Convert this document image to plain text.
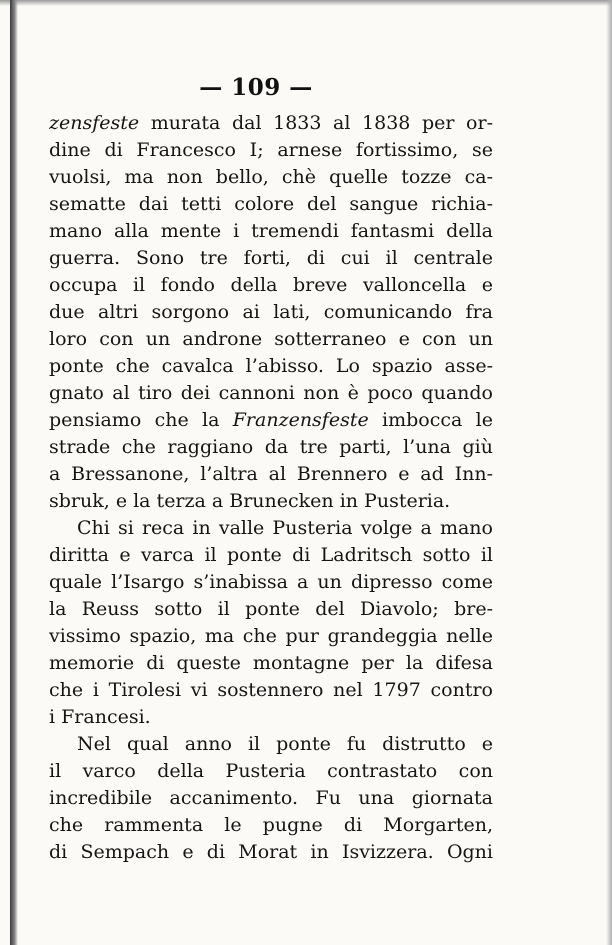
— 109 —
zensfeste murata dal 1833 al 1838 per or-
dine di Francesco I; arnese fortissimo, se
vuolsi, ma non bello, chè quelle tozze ca-
sematte dai tetti colore del sangue richia-
mano alla mente i tremendi fantasmi della
guerra. Sono tre forti, di cui il centrale
occupa il fondo della breve valloncella e
due altri sorgono ai lati, comunicando fra
loro con un androne sotterraneo e con un
ponte che cavalca l’abisso. Lo spazio asse-
gnato al tiro dei cannoni non è poco quando
pensiamo che la Franzensfeste imbocca le
strade che raggiano da tre parti, l’una giù
a Bressanone, l’altra al Brennero e ad Inn-
sbruk, e la terza a Brunecken in Pusteria.
Chi si reca in valle Pusteria volge a mano
diritta e varca il ponte di Ladritsch sotto il
quale l’Isargo s’inabissa a un dipresso come
la Reuss sotto il ponte del Diavolo; bre-
vissimo spazio, ma che pur grandeggia nelle
memorie di queste montagne per la difesa
che i Tirolesi vi sostennero nel 1797 contro
i Francesi.
Nel qual anno il ponte fu distrutto e
il varco della Pusteria contrastato con
incredibile accanimento. Fu una giornata
che rammenta le pugne di Morgarten,
di Sempach e di Morat in Isvizzera. Ogni
